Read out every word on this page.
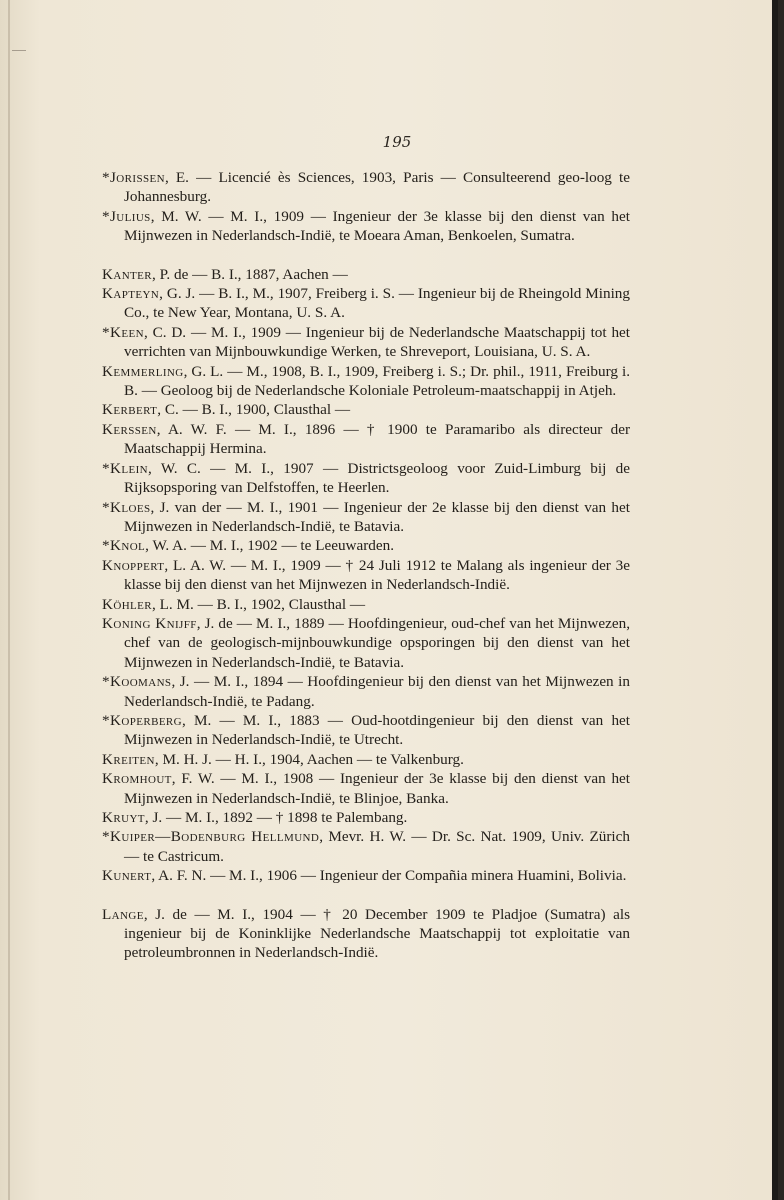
195

*Jorissen, E. — Licencié ès Sciences, 1903, Paris — Consulteerend geo-loog te Johannesburg.

*Julius, M. W. — M. I., 1909 — Ingenieur der 3e klasse bij den dienst van het Mijnwezen in Nederlandsch-Indië, te Moeara Aman, Benkoelen, Sumatra.

Kanter, P. de — B. I., 1887, Aachen —

Kapteyn, G. J. — B. I., M., 1907, Freiberg i. S. — Ingenieur bij de Rheingold Mining Co., te New Year, Montana, U. S. A.

*Keen, C. D. — M. I., 1909 — Ingenieur bij de Nederlandsche Maatschappij tot het verrichten van Mijnbouwkundige Werken, te Shreveport, Louisiana, U. S. A.

Kemmerling, G. L. — M., 1908, B. I., 1909, Freiberg i. S.; Dr. phil., 1911, Freiburg i. B. — Geoloog bij de Nederlandsche Koloniale Petroleum-maatschappij in Atjeh.

Kerbert, C. — B. I., 1900, Clausthal —

Kerssen, A. W. F. — M. I., 1896 — † 1900 te Paramaribo als directeur der Maatschappij Hermina.

*Klein, W. C. — M. I., 1907 — Districtsgeoloog voor Zuid-Limburg bij de Rijksopsporing van Delfstoffen, te Heerlen.

*Kloes, J. van der — M. I., 1901 — Ingenieur der 2e klasse bij den dienst van het Mijnwezen in Nederlandsch-Indië, te Batavia.

*Knol, W. A. — M. I., 1902 — te Leeuwarden.

Knoppert, L. A. W. — M. I., 1909 — † 24 Juli 1912 te Malang als ingenieur der 3e klasse bij den dienst van het Mijnwezen in Nederlandsch-Indië.

Köhler, L. M. — B. I., 1902, Clausthal —

Koning Knijff, J. de — M. I., 1889 — Hoofdingenieur, oud-chef van het Mijnwezen, chef van de geologisch-mijnbouwkundige opsporingen bij den dienst van het Mijnwezen in Nederlandsch-Indië, te Batavia.

*Koomans, J. — M. I., 1894 — Hoofdingenieur bij den dienst van het Mijnwezen in Nederlandsch-Indië, te Padang.

*Koperberg, M. — M. I., 1883 — Oud-hootdingenieur bij den dienst van het Mijnwezen in Nederlandsch-Indië, te Utrecht.

Kreiten, M. H. J. — H. I., 1904, Aachen — te Valkenburg.

Kromhout, F. W. — M. I., 1908 — Ingenieur der 3e klasse bij den dienst van het Mijnwezen in Nederlandsch-Indië, te Blinjoe, Banka.

Kruyt, J. — M. I., 1892 — † 1898 te Palembang.

*Kuiper—Bodenburg Hellmund, Mevr. H. W. — Dr. Sc. Nat. 1909, Univ. Zürich — te Castricum.

Kunert, A. F. N. — M. I., 1906 — Ingenieur der Compañia minera Huamini, Bolivia.

Lange, J. de — M. I., 1904 — † 20 December 1909 te Pladjoe (Sumatra) als ingenieur bij de Koninklijke Nederlandsche Maatschappij tot exploitatie van petroleumbronnen in Nederlandsch-Indië.
